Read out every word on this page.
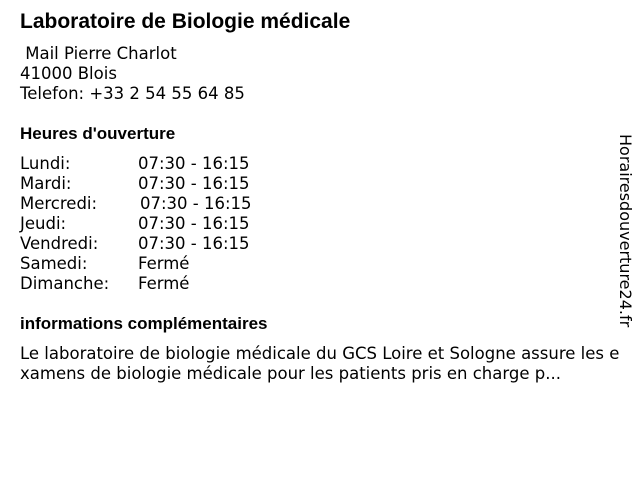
Laboratoire de Biologie médicale
Mail Pierre Charlot
41000 Blois
Telefon: +33 2 54 55 64 85
Heures d'ouverture
Lundi:	07:30 - 16:15
Mardi:	07:30 - 16:15
Mercredi:	07:30 - 16:15
Jeudi:	07:30 - 16:15
Vendredi: 07:30 - 16:15
Samedi:	Fermé
Dimanche: Fermé
informations complémentaires
Le laboratoire de biologie médicale du GCS Loire et Sologne assure les examens de biologie médicale pour les patients pris en charge p...
Horairesdouverture24.fr
